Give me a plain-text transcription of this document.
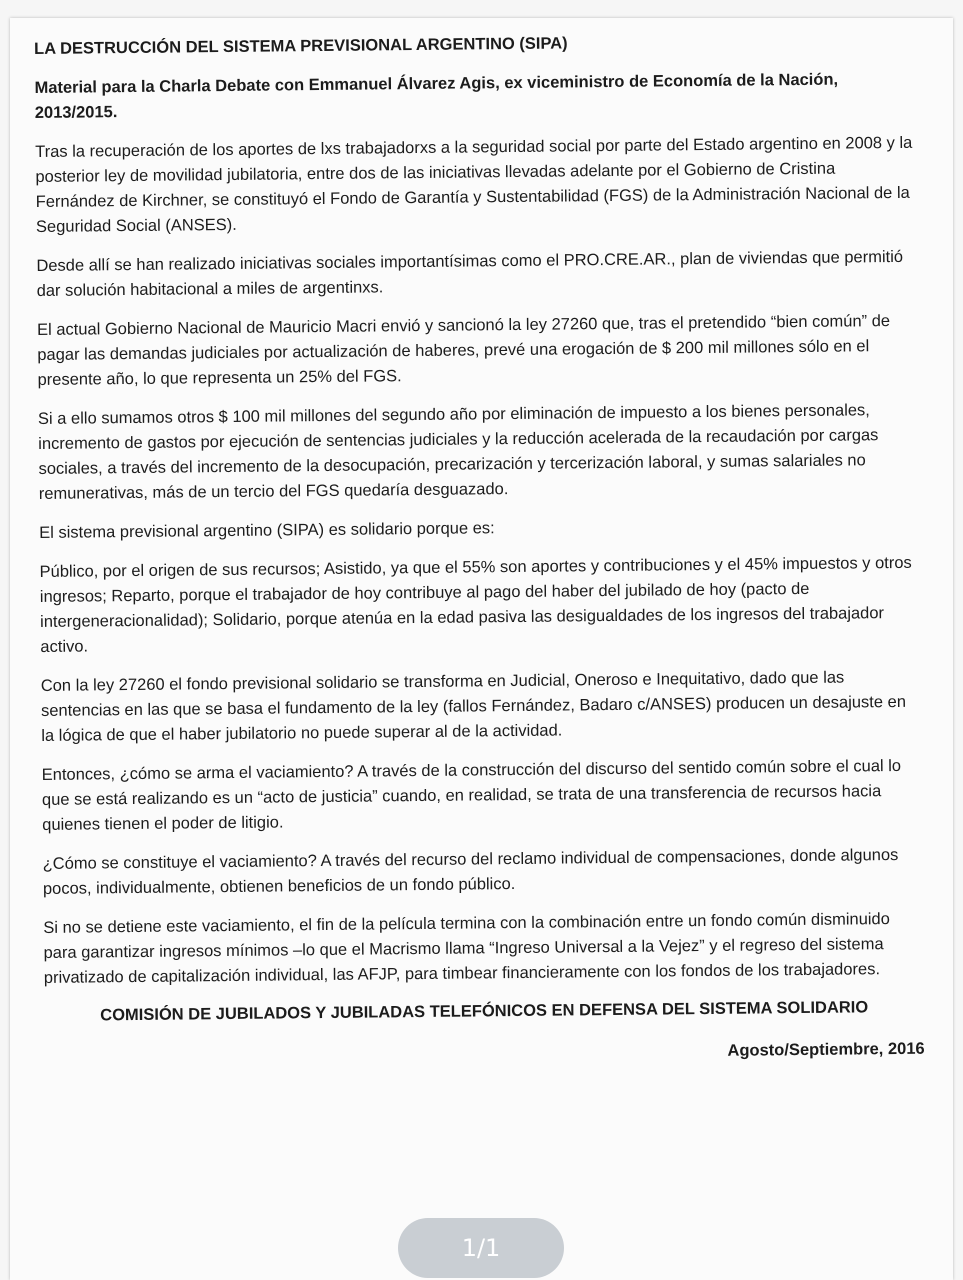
LA DESTRUCCIÓN DEL SISTEMA PREVISIONAL ARGENTINO (SIPA)
Material para la Charla Debate con Emmanuel Álvarez Agis, ex viceministro de Economía de la Nación, 2013/2015.

Tras la recuperación de los aportes de lxs trabajadorxs a la seguridad social por parte del Estado argentino en 2008 y la posterior ley de movilidad jubilatoria, entre dos de las iniciativas llevadas adelante por el Gobierno de Cristina Fernández de Kirchner, se constituyó el Fondo de Garantía y Sustentabilidad (FGS) de la Administración Nacional de la Seguridad Social (ANSES).

Desde allí se han realizado iniciativas sociales importantísimas como el PRO.CRE.AR., plan de viviendas que permitió dar solución habitacional a miles de argentinxs.

El actual Gobierno Nacional de Mauricio Macri envió y sancionó la ley 27260 que, tras el pretendido “bien común” de pagar las demandas judiciales por actualización de haberes, prevé una erogación de $ 200 mil millones sólo en el presente año, lo que representa un 25% del FGS.

Si a ello sumamos otros $ 100 mil millones del segundo año por eliminación de impuesto a los bienes personales, incremento de gastos por ejecución de sentencias judiciales y la reducción acelerada de la recaudación por cargas sociales, a través del incremento de la desocupación, precarización y tercerización laboral, y sumas salariales no remunerativas, más de un tercio del FGS quedaría desguazado.

El sistema previsional argentino (SIPA) es solidario porque es:

Público, por el origen de sus recursos; Asistido, ya que el 55% son aportes y contribuciones y el 45% impuestos y otros ingresos; Reparto, porque el trabajador de hoy contribuye al pago del haber del jubilado de hoy (pacto de intergeneracionalidad); Solidario, porque atenúa en la edad pasiva las desigualdades de los ingresos del trabajador activo.

Con la ley 27260 el fondo previsional solidario se transforma en Judicial, Oneroso e Inequitativo, dado que las sentencias en las que se basa el fundamento de la ley (fallos Fernández, Badaro c/ANSES) producen un desajuste en la lógica de que el haber jubilatorio no puede superar al de la actividad.

Entonces, ¿cómo se arma el vaciamiento? A través de la construcción del discurso del sentido común sobre el cual lo que se está realizando es un “acto de justicia” cuando, en realidad, se trata de una transferencia de recursos hacia quienes tienen el poder de litigio.

¿Cómo se constituye el vaciamiento? A través del recurso del reclamo individual de compensaciones, donde algunos pocos, individualmente, obtienen beneficios de un fondo público.

Si no se detiene este vaciamiento, el fin de la película termina con la combinación entre un fondo común disminuido para garantizar ingresos mínimos –lo que el Macrismo llama “Ingreso Universal a la Vejez” y el regreso del sistema privatizado de capitalización individual, las AFJP, para timbear financieramente con los fondos de los trabajadores.

COMISIÓN DE JUBILADOS Y JUBILADAS TELEFÓNICOS EN DEFENSA DEL SISTEMA SOLIDARIO
Agosto/Septiembre, 2016
1/1
